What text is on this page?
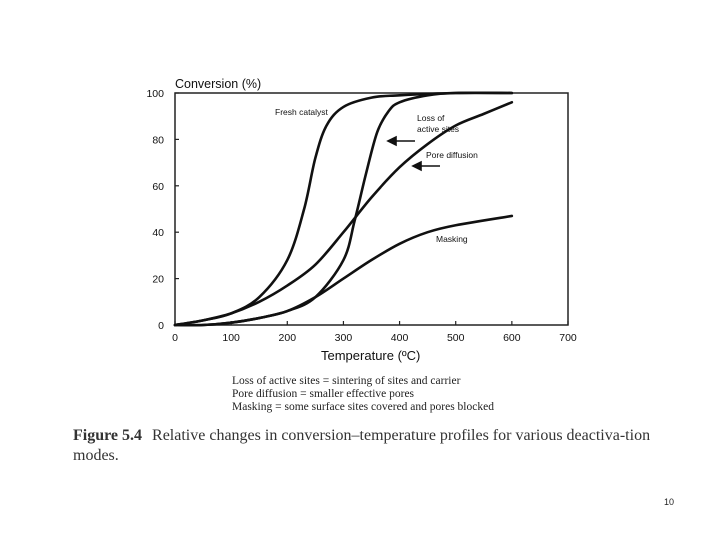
0	100	200	300	400	500	600	700
0
20
40
60
80
100
Conversion (%)
Temperature (ºC)
Fresh catalyst
Loss of
active sites
Pore diffusion
Masking
Loss of active sites = sintering of sites and carrier
Pore diffusion = smaller effective pores
Masking = some surface sites covered and pores blocked
Figure 5.4 Relative changes in conversion–temperature profiles for various deactiva-tion modes.
10
